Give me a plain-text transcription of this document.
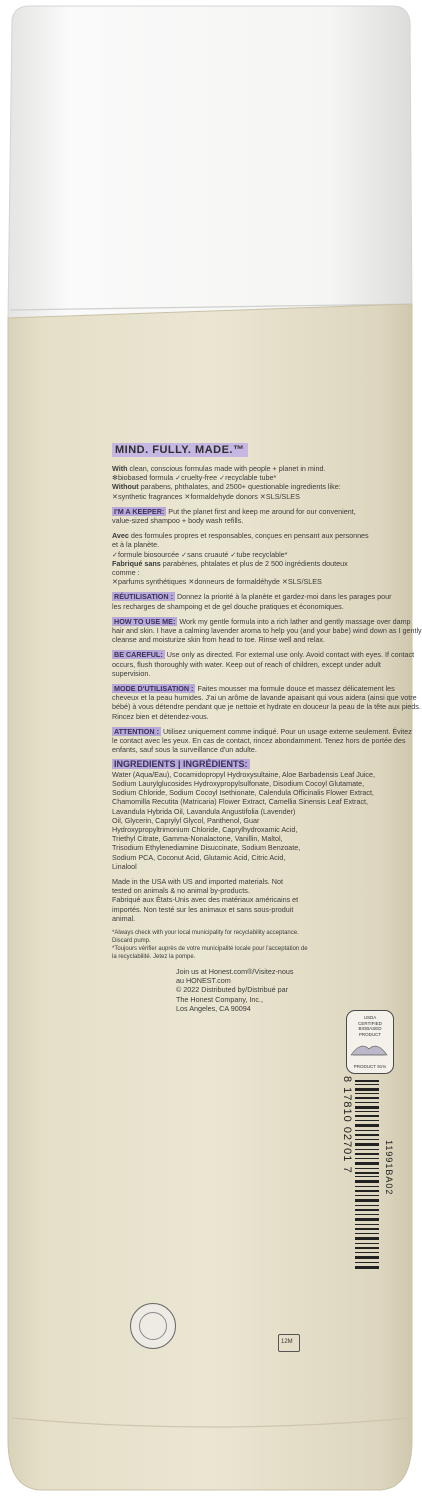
MIND. FULLY. MADE.™
With clean, conscious formulas made with people + planet in mind.
✻biobased formula ✓cruelty-free ✓recyclable tube*
Without parabens, phthalates, and 2500+ questionable ingredients like:
✕synthetic fragrances ✕formaldehyde donors ✕SLS/SLES
I'M A KEEPER: Put the planet first and keep me around for our convenient,
value-sized shampoo + body wash refills.
Avec des formules propres et responsables, conçues en pensant aux personnes
et à la planète.
✓formule biosourcée ✓sans cruauté ✓tube recyclable*
Fabriqué sans parabènes, phtalates et plus de 2 500 ingrédients douteux
comme :
✕parfums synthétiques ✕donneurs de formaldéhyde ✕SLS/SLES
RÉUTILISATION : Donnez la priorité à la planète et gardez-moi dans les parages pour
les recharges de shampoing et de gel douche pratiques et économiques.
HOW TO USE ME: Work my gentle formula into a rich lather and gently massage over damp
hair and skin. I have a calming lavender aroma to help you (and your babe) wind down as I gently
cleanse and moisturize skin from head to toe. Rinse well and relax.
BE CAREFUL: Use only as directed. For external use only. Avoid contact with eyes. If contact
occurs, flush thoroughly with water. Keep out of reach of children, except under adult
supervision.
MODE D'UTILISATION : Faites mousser ma formule douce et massez délicatement les
cheveux et la peau humides. J'ai un arôme de lavande apaisant qui vous aidera (ainsi que votre
bébé) à vous détendre pendant que je nettoie et hydrate en douceur la peau de la tête aux pieds.
Rincez bien et détendez-vous.
ATTENTION : Utilisez uniquement comme indiqué. Pour un usage externe seulement. Évitez
le contact avec les yeux. En cas de contact, rincez abondamment. Tenez hors de portée des
enfants, sauf sous la surveillance d'un adulte.
INGREDIENTS | INGRÉDIENTS:
Water (Aqua/Eau), Cocamidopropyl Hydroxysultaine, Aloe Barbadensis Leaf Juice,
Sodium Laurylglucosides Hydroxypropylsulfonate, Disodium Cocoyl Glutamate,
Sodium Chloride, Sodium Cocoyl Isethionate, Calendula Officinalis Flower Extract,
Chamomilla Recutita (Matricaria) Flower Extract, Camellia Sinensis Leaf Extract,
Lavandula Hybrida Oil, Lavandula Angustifolia (Lavender)
Oil, Glycerin, Caprylyl Glycol, Panthenol, Guar
Hydroxypropyltrimonium Chloride, Caprylhydroxamic Acid,
Triethyl Citrate, Gamma-Nonalactone, Vanillin, Maltol,
Trisodium Ethylenediamine Disuccinate, Sodium Benzoate,
Sodium PCA, Coconut Acid, Glutamic Acid, Citric Acid,
Linalool
Made in the USA with US and imported materials. Not
tested on animals & no animal by-products.
Fabriqué aux États-Unis avec des matériaux américains et
importés. Non testé sur les animaux et sans sous-produit
animal.
*Always check with your local municipality for recyclability acceptance.
Discard pump.
*Toujours vérifier auprès de votre municipalité locale pour l'acceptation de
la recyclabilité. Jetez la pompe.
Join us at Honest.com®/Visitez-nous
au HONEST.com
© 2022 Distributed by/Distribué par
The Honest Company, Inc.,
Los Angeles, CA 90094
USDA
CERTIFIED
BIOBASED
PRODUCT
PRODUCT 91%
8 17810 02701 7	11991BA02
12M
